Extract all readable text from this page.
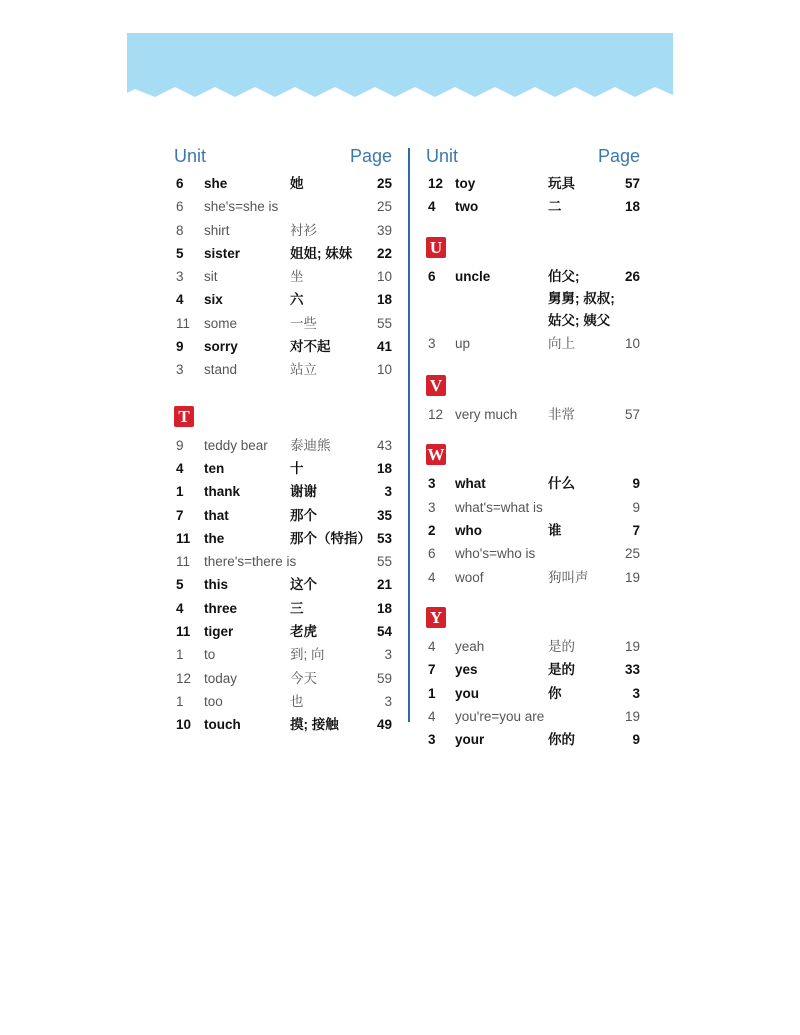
Unit	Page
6 she	她	25
6 she's=she is	25
8 shirt	衬衫	39
5 sister	姐姐; 妹妹 22
3 sit	坐	10
4 six	六	18
11 some	一些	55
9 sorry	对不起	41
3 stand	站立	10
T
9 teddy bear 泰迪熊	43
4 ten	十	18
1 thank	谢谢	3
7 that	那个	35
11 the	那个（特指） 53
11 there's=there is	55
5 this	这个	21
4 three	三	18
11 tiger	老虎	54
1 to	到; 向	3
12 today	今天	59
1 too	也	3
10 touch	摸; 接触	49
Unit	Page
12 toy	玩具	57
4 two	二	18
U
6 uncle	伯父;	26
舅舅; 叔叔;
姑父; 姨父
3 up	向上	10
V
12 very much 非常	57
W
3 what	什么	9
3 what's=what is	9
2 who	谁	7
6 who's=who is	25
4 woof	狗叫声	19
Y
4 yeah	是的	19
7 yes	是的	33
1 you	你	3
4 you're=you are	19
3 your	你的	9
